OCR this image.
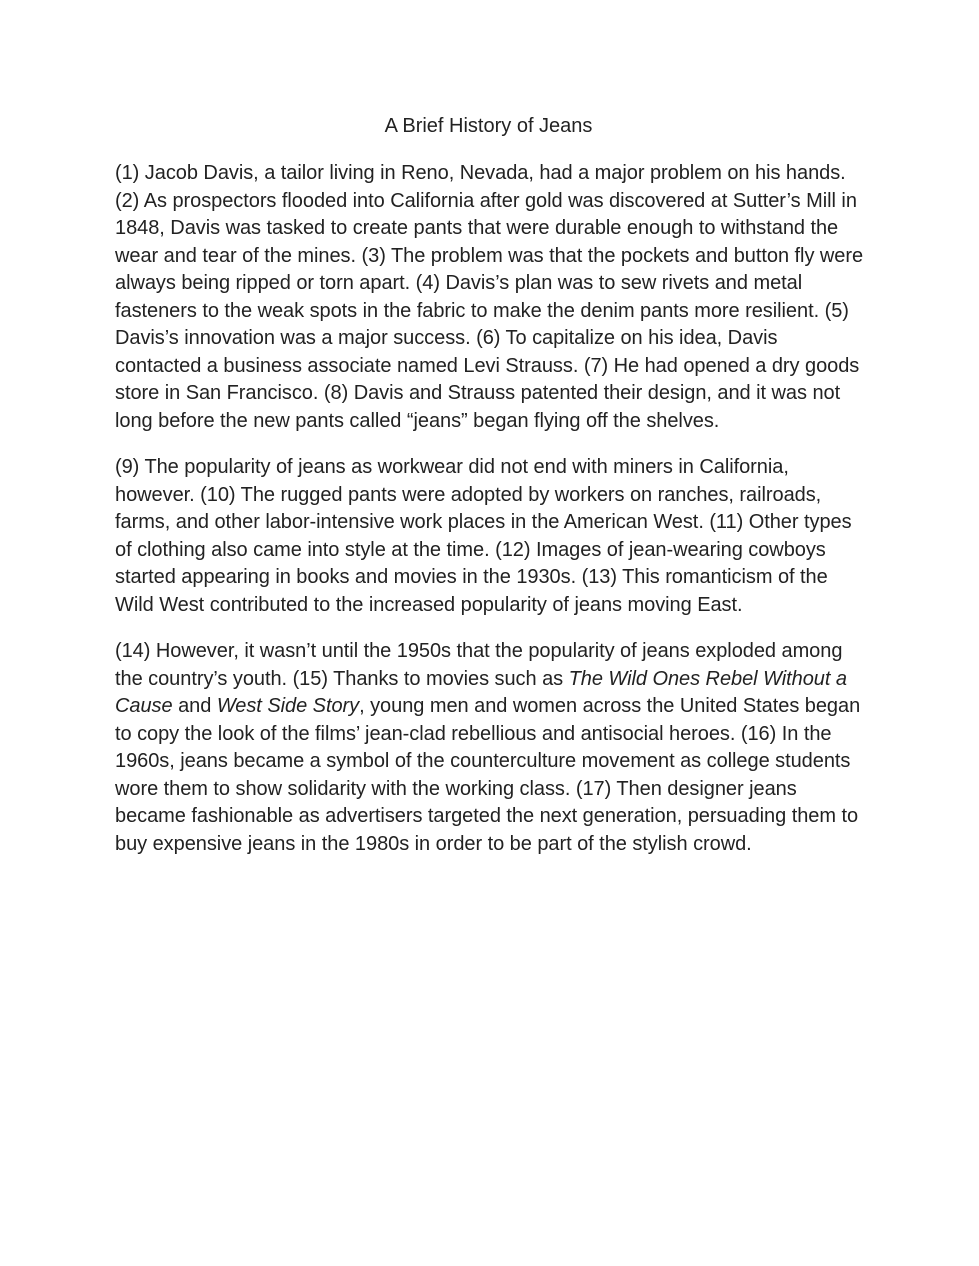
A Brief History of Jeans

(1) Jacob Davis, a tailor living in Reno, Nevada, had a major problem on his hands. (2) As prospectors flooded into California after gold was discovered at Sutter’s Mill in 1848, Davis was tasked to create pants that were durable enough to withstand the wear and tear of the mines. (3) The problem was that the pockets and button fly were always being ripped or torn apart. (4) Davis’s plan was to sew rivets and metal fasteners to the weak spots in the fabric to make the denim pants more resilient. (5) Davis’s innovation was a major success. (6) To capitalize on his idea, Davis contacted a business associate named Levi Strauss. (7) He had opened a dry goods store in San Francisco. (8) Davis and Strauss patented their design, and it was not long before the new pants called “jeans” began flying off the shelves.

(9) The popularity of jeans as workwear did not end with miners in California, however. (10) The rugged pants were adopted by workers on ranches, railroads, farms, and other labor-intensive work places in the American West. (11) Other types of clothing also came into style at the time. (12) Images of jean-wearing cowboys started appearing in books and movies in the 1930s. (13) This romanticism of the Wild West contributed to the increased popularity of jeans moving East.

(14) However, it wasn’t until the 1950s that the popularity of jeans exploded among the country’s youth. (15) Thanks to movies such as The Wild Ones Rebel Without a Cause and West Side Story, young men and women across the United States began to copy the look of the films’ jean-clad rebellious and antisocial heroes. (16) In the 1960s, jeans became a symbol of the counterculture movement as college students wore them to show solidarity with the working class. (17) Then designer jeans became fashionable as advertisers targeted the next generation, persuading them to buy expensive jeans in the 1980s in order to be part of the stylish crowd.
